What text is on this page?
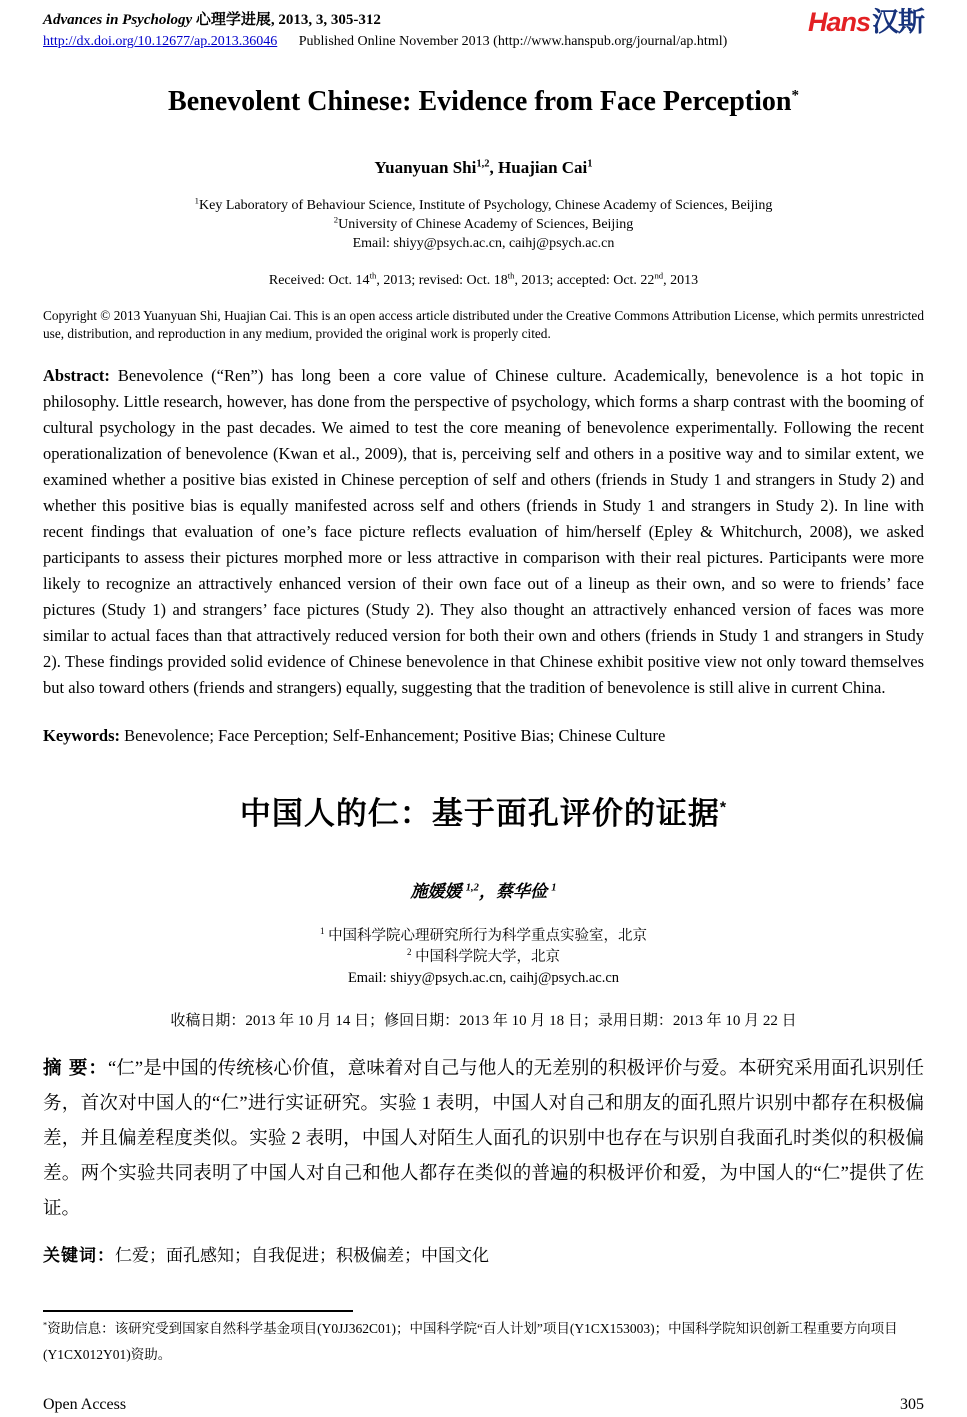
Advances in Psychology 心理学进展, 2013, 3, 305-312
http://dx.doi.org/10.12677/ap.2013.36046 Published Online November 2013 (http://www.hanspub.org/journal/ap.html)
Hans汉斯
Benevolent Chinese: Evidence from Face Perception*
Yuanyuan Shi$^{1,2}$, Huajian Cai$^1$
$^1$Key Laboratory of Behaviour Science, Institute of Psychology, Chinese Academy of Sciences, Beijing
$^2$University of Chinese Academy of Sciences, Beijing
Email: shiyy@psych.ac.cn, caihj@psych.ac.cn
Received: Oct. 14th, 2013; revised: Oct. 18th, 2013; accepted: Oct. 22nd, 2013
Copyright © 2013 Yuanyuan Shi, Huajian Cai. This is an open access article distributed under the Creative Commons Attribution License, which permits unrestricted use, distribution, and reproduction in any medium, provided the original work is properly cited.
Abstract: Benevolence (“Ren”) has long been a core value of Chinese culture. Academically, benevolence is a hot topic in philosophy. Little research, however, has done from the perspective of psychology, which forms a sharp contrast with the booming of cultural psychology in the past decades. We aimed to test the core meaning of benevolence experimentally. Following the recent operationalization of benevolence (Kwan et al., 2009), that is, perceiving self and others in a positive way and to similar extent, we examined whether a positive bias existed in Chinese perception of self and others (friends in Study 1 and strangers in Study 2) and whether this positive bias is equally manifested across self and others (friends in Study 1 and strangers in Study 2). In line with recent findings that evaluation of one’s face picture reflects evaluation of him/herself (Epley & Whitchurch, 2008), we asked participants to assess their pictures morphed more or less attractive in comparison with their real pictures. Participants were more likely to recognize an attractively enhanced version of their own face out of a lineup as their own, and so were to friends’ face pictures (Study 1) and strangers’ face pictures (Study 2). They also thought an attractively enhanced version of faces was more similar to actual faces than that attractively reduced version for both their own and others (friends in Study 1 and strangers in Study 2). These findings provided solid evidence of Chinese benevolence in that Chinese exhibit positive view not only toward themselves but also toward others (friends and strangers) equally, suggesting that the tradition of benevolence is still alive in current China.
Keywords: Benevolence; Face Perception; Self-Enhancement; Positive Bias; Chinese Culture
中国人的仁：基于面孔评价的证据*
施媛媛 $^{1,2}$，蔡华俭 $^1$
$^1$ 中国科学院心理研究所行为科学重点实验室，北京
$^2$ 中国科学院大学，北京
Email: shiyy@psych.ac.cn, caihj@psych.ac.cn
收稿日期：2013 年 10 月 14 日；修回日期：2013 年 10 月 18 日；录用日期：2013 年 10 月 22 日
摘 要：“仁”是中国的传统核心价值，意味着对自己与他人的无差别的积极评价与爱。本研究采用面孔识别任务，首次对中国人的“仁”进行实证研究。实验 1 表明，中国人对自己和朋友的面孔照片识别中都存在积极偏差，并且偏差程度类似。实验 2 表明，中国人对陌生人面孔的识别中也存在与识别自我面孔时类似的积极偏差。两个实验共同表明了中国人对自己和他人都存在类似的普遍的积极评价和爱，为中国人的“仁”提供了佐证。
关键词：仁爱；面孔感知；自我促进；积极偏差；中国文化
*资助信息：该研究受到国家自然科学基金项目(Y0JJ362C01)；中国科学院“百人计划”项目(Y1CX153003)；中国科学院知识创新工程重要方向项目(Y1CX012Y01)资助。
Open Access	305
